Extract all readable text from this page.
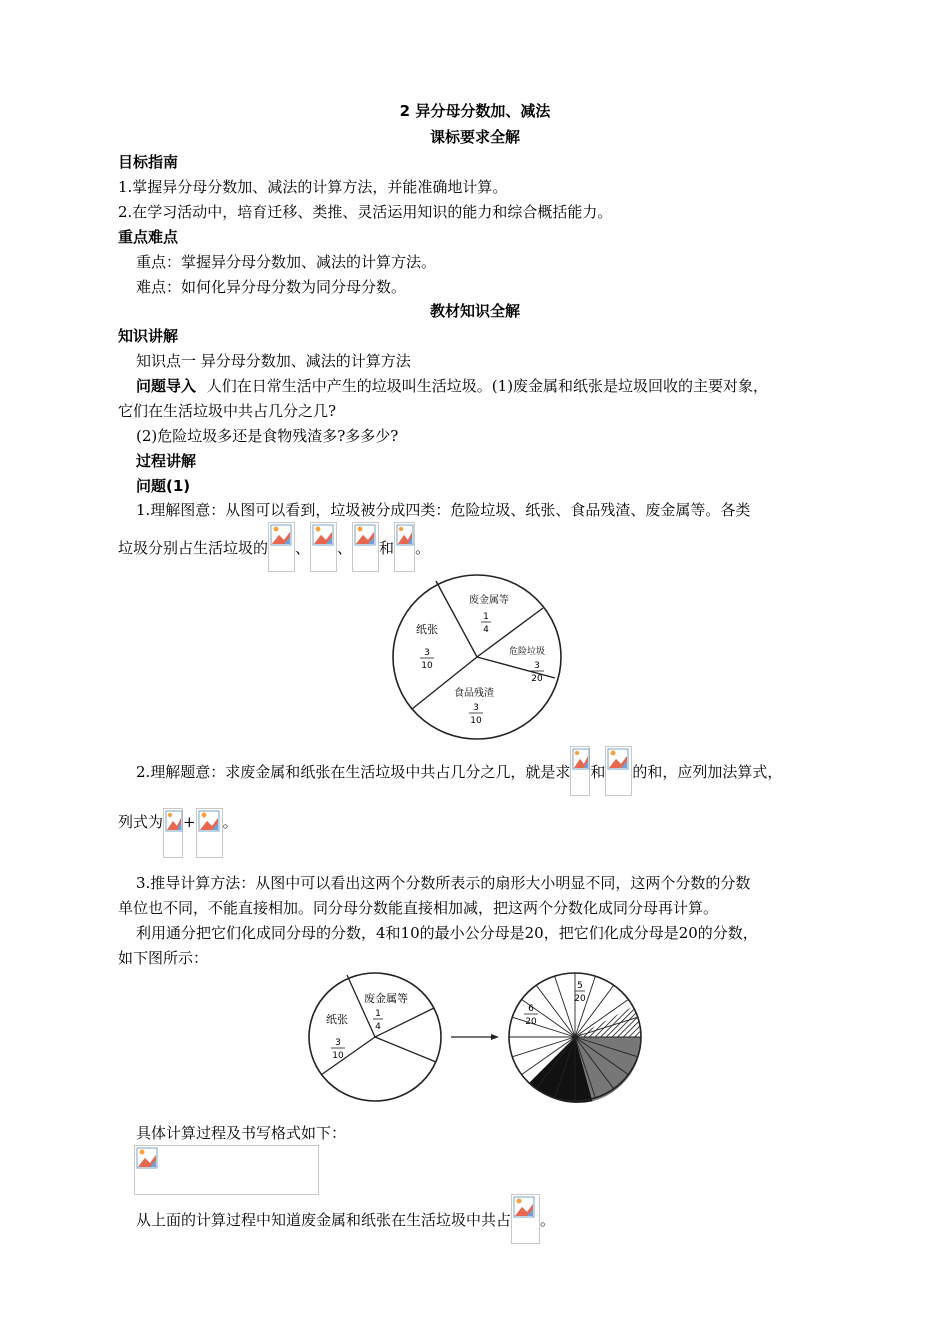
2 异分母分数加、减法
课标要求全解
目标指南
1.掌握异分母分数加、减法的计算方法，并能准确地计算。
2.在学习活动中，培育迁移、类推、灵活运用知识的能力和综合概括能力。
重点难点
重点：掌握异分母分数加、减法的计算方法。
难点：如何化异分母分数为同分母分数。
教材知识全解
知识讲解
知识点一 异分母分数加、减法的计算方法
问题导入 人们在日常生活中产生的垃圾叫生活垃圾。(1)废金属和纸张是垃圾回收的主要对象，
它们在生活垃圾中共占几分之几?
(2)危险垃圾多还是食物残渣多?多多少?
过程讲解
问题(1)
1.理解图意：从图可以看到，垃圾被分成四类：危险垃圾、纸张、食品残渣、废金属等。各类
垃圾分别占生活垃圾的 、 、 和 。
废金属等
1
4
危险垃圾
3
20
食品残渣
3
10
纸张
3
10
2.理解题意：求废金属和纸张在生活垃圾中共占几分之几，就是求 和 的和，应列加法算式，
列式为 + 。
3.推导计算方法：从图中可以看出这两个分数所表示的扇形大小明显不同，这两个分数的分数
单位也不同，不能直接相加。同分母分数能直接相加减，把这两个分数化成同分母再计算。
利用通分把它们化成同分母的分数，4和10的最小公分母是20，把它们化成分母是20的分数，
如下图所示：
废金属等
1
4
纸张
3
10
5
20
6
20
具体计算过程及书写格式如下：
从上面的计算过程中知道废金属和纸张在生活垃圾中共占 。
